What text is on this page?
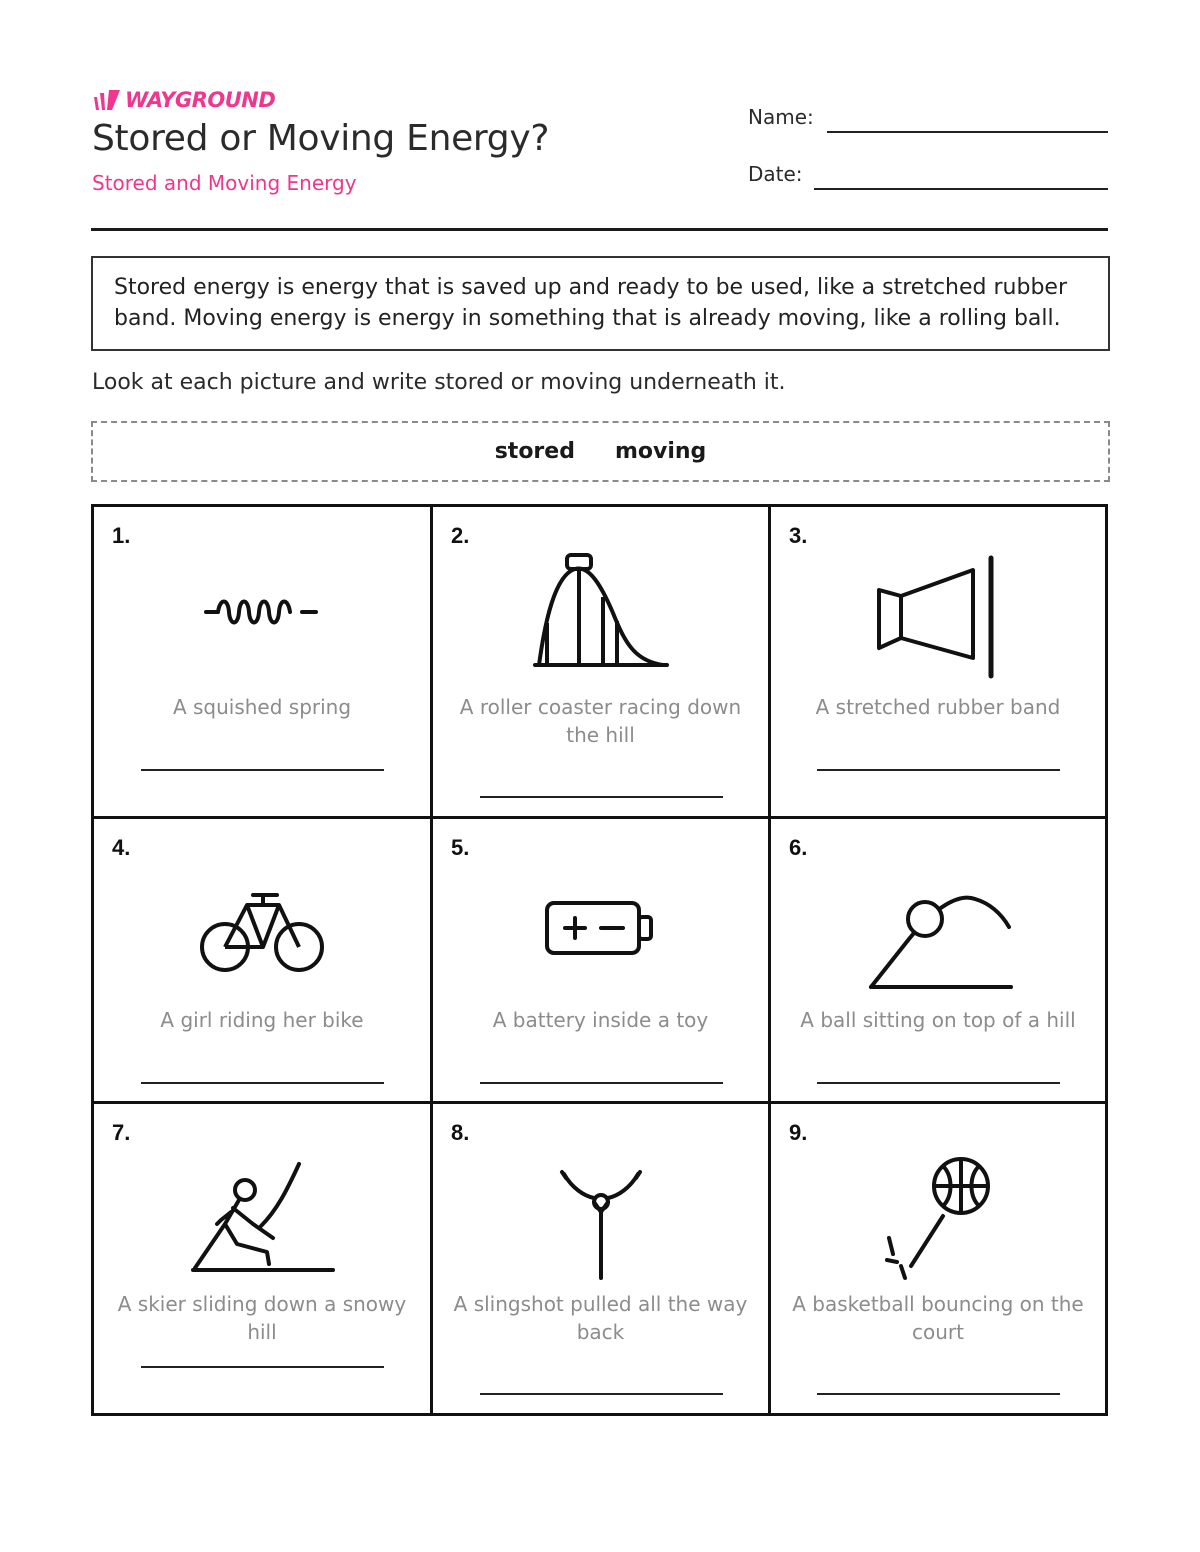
WAYGROUND
Stored or Moving Energy?
Stored and Moving Energy
Name:
Date:
Stored energy is energy that is saved up and ready to be used, like a stretched rubber band. Moving energy is energy in something that is already moving, like a rolling ball.
Look at each picture and write stored or moving underneath it.
stored moving
1.
A squished spring
2.
A roller coaster racing down the hill
3.
A stretched rubber band
4.
A girl riding her bike
5.
A battery inside a toy
6.
A ball sitting on top of a hill
7.
A skier sliding down a snowy hill
8.
A slingshot pulled all the way back
9.
A basketball bouncing on the court
